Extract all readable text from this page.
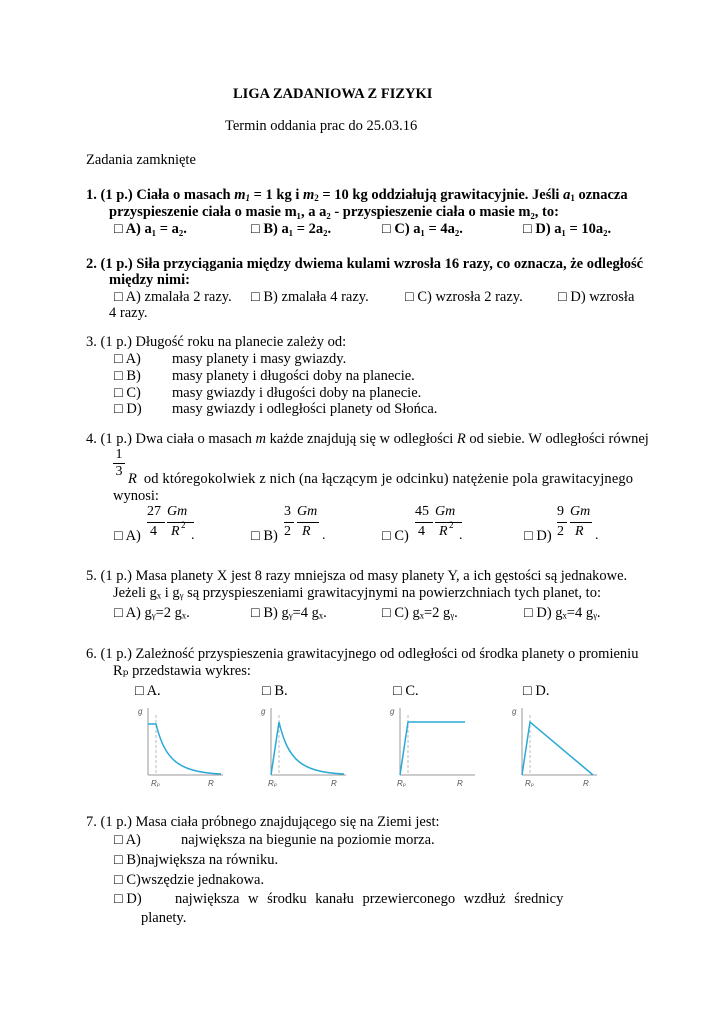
LIGA ZADANIOWA Z FIZYKI
Termin oddania prac do 25.03.16
Zadania zamknięte
1. (1 p.) Ciała o masach $m_1 = 1$ kg i $m_2 = 10$ kg oddziałują grawitacyjnie. Jeśli $a_1$ oznacza
przyspieszenie ciała o masie m₁, a a₂ - przyspieszenie ciała o masie m₂, to:
□ A) a₁ = a₂.	□ B) a₁ = 2a₂.	□ C) a₁ = 4a₂.	□ D) a₁ = 10a₂.
2. (1 p.) Siła przyciągania między dwiema kulami wzrosła 16 razy, co oznacza, że odległość
między nimi:
□ A) zmalała 2 razy. □ B) zmalała 4 razy.	□ C) wzrosła 2 razy. □ D) wzrosła
4 razy.
3. (1 p.) Długość roku na planecie zależy od:
□ A) masy planety i masy gwiazdy.
□ B) masy planety i długości doby na planecie.
□ C) masy gwiazdy i długości doby na planecie.
□ D) masy gwiazdy i odległości planety od Słońca.
4. (1 p.) Dwa ciała o masach m każde znajdują się w odległości R od siebie. W odległości równej
$\frac{1}{3}$ R od któregokolwiek z nich (na łączącym je odcinku) natężenie pola grawitacyjnego
wynosi:
□ A)
27
4
Gm
R 2
.	□ B)
3
2
Gm
R .	□ C)
45
4
Gm
R 2
.	□ D)
9
2
Gm
R .
5. (1 p.) Masa planety X jest 8 razy mniejsza od masy planety Y, a ich gęstości są jednakowe.
Jeżeli gₓ i gᵧ są przyspieszeniami grawitacyjnymi na powierzchniach tych planet, to:
□ A) gᵧ=2 gₓ.	□ B) gᵧ=4 gₓ.	□ C) gₓ=2 gᵧ.	□ D) gₓ=4 gᵧ.
6. (1 p.) Zależność przyspieszenia grawitacyjnego od odległości od środka planety o promieniu
Rₚ przedstawia wykres:
□ A.	□ B.	□ C.	□ D.
g
Rₚ	R
g
Rₚ	R
g
Rₚ	R
g
Rₚ	R
7. (1 p.) Masa ciała próbnego znajdującego się na Ziemi jest:
□ A)	największa na biegunie na poziomie morza.
□ B)największa na równiku.
□ C)wszędzie jednakowa.
□ D) największa w środku kanału przewierconego wzdłuż średnicy
planety.
